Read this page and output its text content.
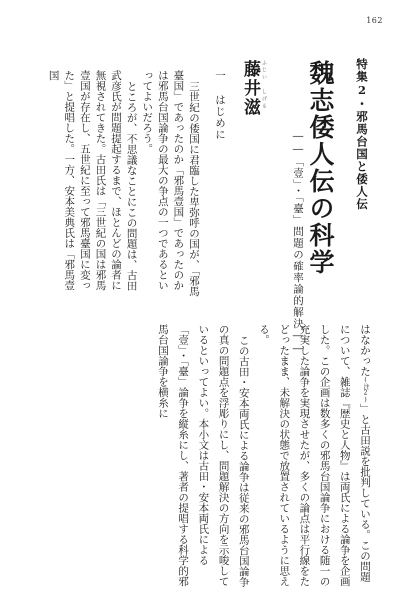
162
特集2・邪馬台国と倭人伝
魏志倭人伝の科学
――「壹」・「臺」問題の確率論的解決――
ふじい しげる
藤井滋
一 はじめに

三世紀の倭国に君臨した卑弥呼の国が、「邪馬臺国」であったのか「邪馬壹国」であったのかは邪馬台国論争の最大の争点の一つであるといってよいだろう。

ところが、不思議なことにこの問題は、古田武彦氏が問題提起するまで、ほとんどの論者に無視されてきた。古田氏は「三世紀の国は邪馬壹国が存在し、五世紀に至って邪馬臺国に変った」と提唱した。一方、安本美典氏は「邪馬壹国

はなかった(注2)」と古田説を批判している。この問題について、雑誌『歴史と人物』は両氏による論争を企画した。この企画は数多くの邪馬台国論争における随一の充実した論争を実現させたが、多くの論点は平行線をたどったまま、未解決の状態で放置されているように思える。

この古田・安本両氏による論争は従来の邪馬台国論争の真の問題点を浮彫りにし、問題解決の方向を示唆しているといってよい。本小文は古田・安本両氏による「壹」・「臺」論争を縦糸にし、著者の提唱する科学的邪馬台国論争を横糸に
